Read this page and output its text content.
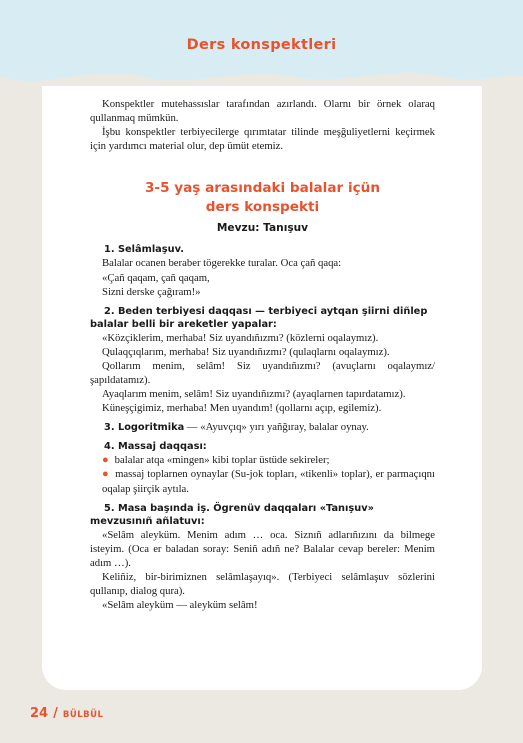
Ders konspektleri

Konspektler mutehassıslar tarafından azırlandı. Olarnı bir örnek olaraq qullanmaq mümkün.

İşbu konspektler terbiyecilerge qırımtatar tilinde meşğuliyetlerni keçirmek için yardımcı material olur, dep ümüt etemiz.

3-5 yaş arasındaki balalar içün
ders konspekti
Mevzu: Tanışuv
1. Selâmlaşuv.

Balalar ocanen beraber tögerekke turalar. Oca çañ qaqa:

«Çañ qaqam, çañ qaqam,

Sizni derske çağıram!»

2. Beden terbiyesi daqqası — terbiyeci aytqan şiirni diñlep balalar belli bir areketler yapalar:

«Közçiklerim, merhaba! Siz uyandıñızmı? (közlerni oqalaymız).

Qulaqçıqlarım, merhaba! Siz uyandıñızmı? (qulaqlarnı oqalaymız).

Qollarım menim, selâm! Siz uyandıñızmı? (avuçlarnı oqalaymız/ şapıldatamız).

Ayaqlarım menim, selâm! Siz uyandıñızmı? (ayaqlarnen tapırdatamız).

Küneşçigimiz, merhaba! Men uyandım! (qollarnı açıp, egilemiz).

3. Logoritmika — «Ayuvçıq» yırı yañğıray, balalar oynay.
4. Massaj daqqası:

● balalar atqa «mingen» kibi toplar üstüde sekireler;

● massaj toplarnen oynaylar (Su-jok topları, «tikenli» toplar), er parmaçıqnı oqalap şiirçik aytıla.

5. Masa başında iş. Ögrenüv daqqaları «Tanışuv» mevzusınıñ añlatuvı:

«Selâm aleyküm. Menim adım … oca. Siznıñ adlarıñızını da bilmege isteyim. (Oca er baladan soray: Seniñ adıñ ne? Balalar cevap bereler: Menim adım …).

Keliñiz, bir-birimiznen selâmlaşayıq». (Terbiyeci selâmlaşuv sözlerini qullanıp, dialog qura).

«Selâm aleyküm — aleyküm selâm!

24 / BÜLBÜL
